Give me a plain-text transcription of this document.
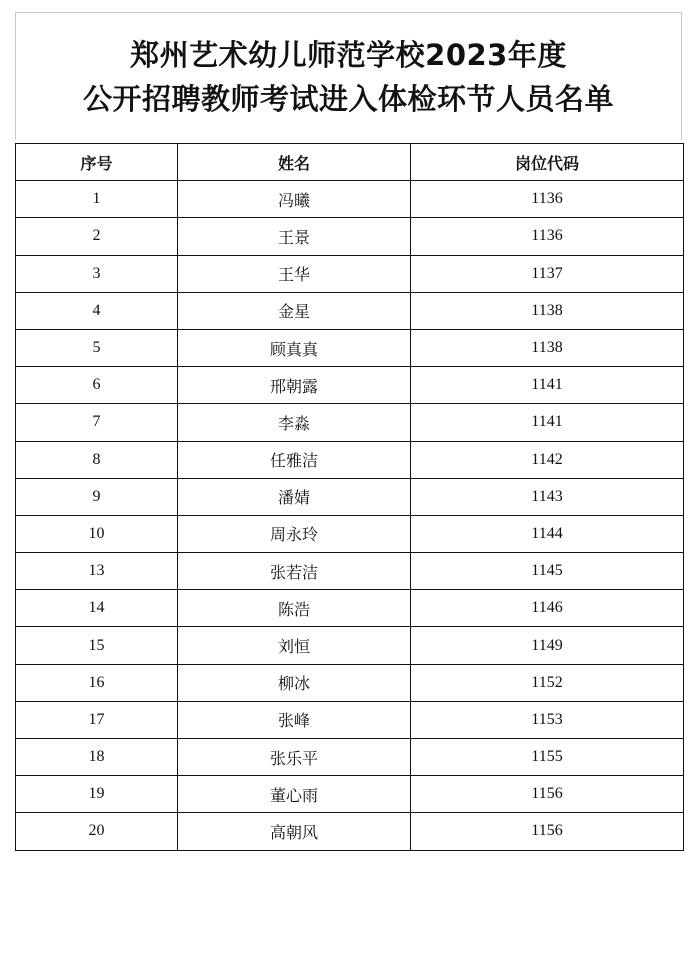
郑州艺术幼儿师范学校2023年度
公开招聘教师考试进入体检环节人员名单
序号	姓名	岗位代码
1	冯曦	1136
2	王景	1136
3	王华	1137
4	金星	1138
5	顾真真	1138
6	邢朝露	1141
7	李淼	1141
8	任雅洁	1142
9	潘婧	1143
10	周永玲	1144
13	张若洁	1145
14	陈浩	1146
15	刘恒	1149
16	柳冰	1152
17	张峰	1153
18	张乐平	1155
19	董心雨	1156
20	高朝风	1156
